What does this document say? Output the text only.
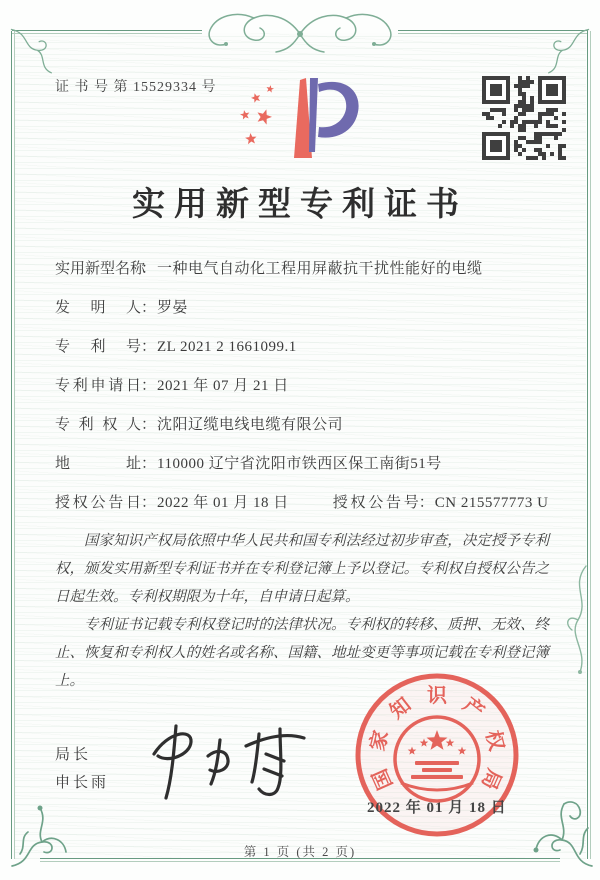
证 书 号 第 15529334 号
实用新型专利证书
实用新型名称
： 一种电气自动化工程用屏蔽抗干扰性能好的电缆
发明人 ： 罗晏
专利号 ： ZL 2021 2 1661099.1
专利申请日 ： 2021 年 07 月 21 日
专利权人 ： 沈阳辽缆电线电缆有限公司
地址 ： 110000 辽宁省沈阳市铁西区保工南街51号
授权公告日 ： 2022 年 01 月 18 日	授权公告号 ： CN 215577773 U

国家知识产权局依照中华人民共和国专利法经过初步审查，决定授予专利权，颁发实用新型专利证书并在专利登记簿上予以登记。专利权自授权公告之日起生效。专利权期限为十年，自申请日起算。

专利证书记载专利权登记时的法律状况。专利权的转移、质押、无效、终止、恢复和专利权人的姓名或名称、国籍、地址变更等事项记载在专利登记簿上。

局长
申长雨	国
家
知 识 产
权
局
2022 年 01 月 18 日
第 1 页 (共 2 页)
